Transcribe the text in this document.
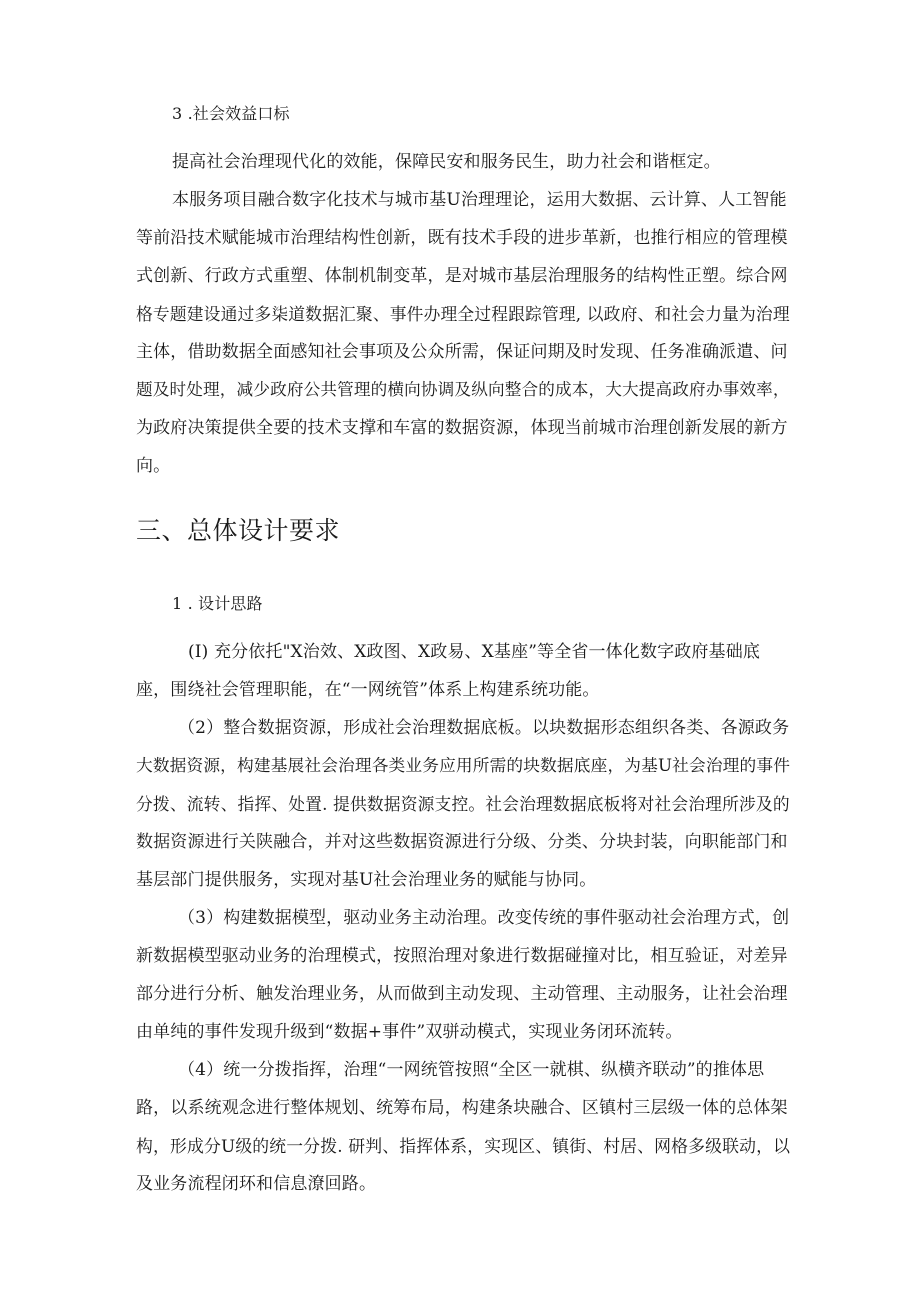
3 .社会效益口标
提高社会治理现代化的效能，保障民安和服务民生，助力社会和谐框定。
本服务项目融合数字化技术与城市基U治理理论，运用大数据、云计算、人工智能
等前沿技术赋能城市治理结构性创新，既有技术手段的进步革新，也推行相应的管理模
式创新、行政方式重塑、体制机制变革，是对城市基层治理服务的结构性正塑。综合网
格专题建设通过多柒道数据汇聚、事件办理全过程跟踪管理, 以政府、和社会力量为治理
主体，借助数据全面感知社会事项及公众所需，保证问期及时发现、任务准确派遣、问
题及时处理，减少政府公共管理的横向协调及纵向整合的成本，大大提高政府办事效率，
为政府决策提供全要的技术支撑和车富的数据资源，体现当前城市治理创新发展的新方
向。
三、总体设计要求
1 . 设计思路
(I) 充分依托"X治效、X政图、X政易、X基座”等全省一体化数字政府基础底
座，围绕社会管理职能，在“一网统管”体系上构建系统功能。
（2）整合数据资源，形成社会治理数据底板。以块数据形态组织各类、各源政务
大数据资源，构建基展社会治理各类业务应用所需的块数据底座，为基U社会治理的事件
分拨、流转、指挥、处置. 提供数据资源支控。社会治理数据底板将对社会治理所涉及的
数据资源进行关陕融合，并对这些数据资源进行分级、分类、分块封装，向职能部门和
基层部门提供服务，实现对基U社会治理业务的赋能与协同。
（3）构建数据模型，驱动业务主动治理。改变传统的事件驱动社会治理方式，创
新数据模型驱动业务的治理模式，按照治理对象进行数据碰撞对比，相互验证，对差异
部分进行分析、触发治理业务，从而做到主动发现、主动管理、主动服务，让社会治理
由单纯的事件发现升级到“数据+事件”双骈动模式，实现业务闭环流转。
（4）统一分拨指挥，治理“一网统管按照“全区一就棋、纵横齐联动”的推体思
路，以系统观念进行整体规划、统筹布局，构建条块融合、区镇村三层级一体的总体架
构，形成分U级的统一分拨. 研判、指挥体系，实现区、镇街、村居、网格多级联动，以
及业务流程闭环和信息潦回路。
